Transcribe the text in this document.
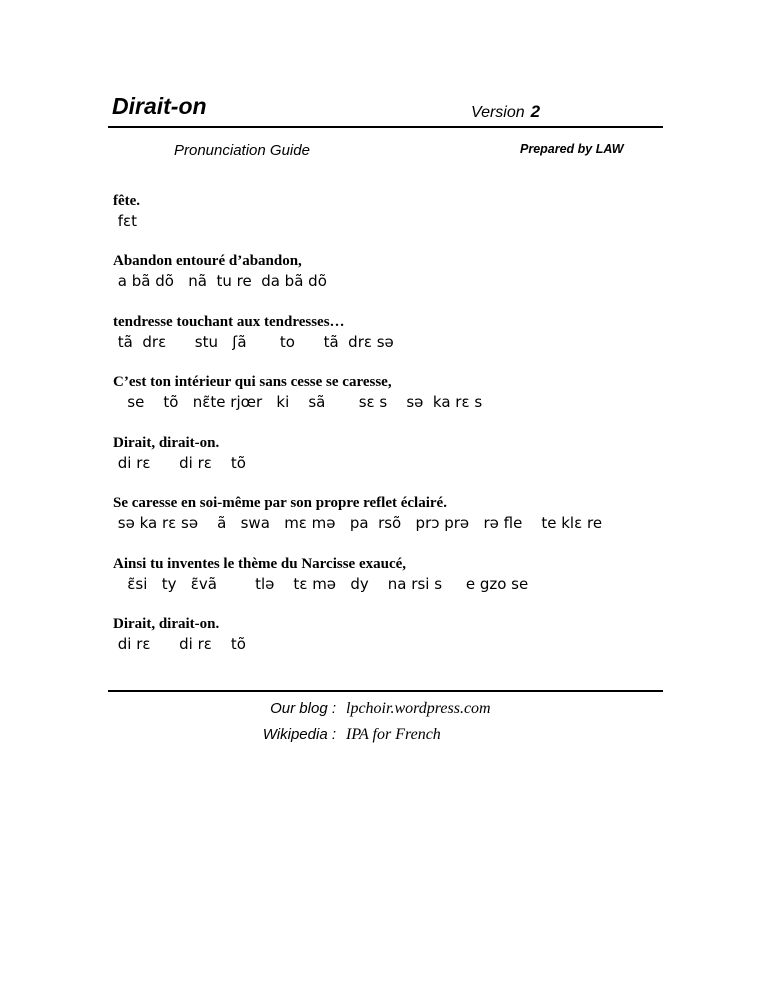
Dirait-on	Version 2
Pronunciation Guide	Prepared by LAW
fête.
fɛt
Abandon entouré d’abandon,
a bã dõ   nã  tu re  da bã dõ
tendresse touchant aux tendresses…
tã  drɛ      stu   ʃã       to      tã  drɛ sə
C’est ton intérieur qui sans cesse se caresse,
se    tõ   nɛ̃te rjœr   ki    sã       sɛ s    sə  ka rɛ s
Dirait, dirait-on.
di rɛ      di rɛ    tõ
Se caresse en soi-même par son propre reflet éclairé.
sə ka rɛ sə    ã   swa   mɛ mə   pa  rsõ   prɔ prə   rə fle    te klɛ re
Ainsi tu inventes le thème du Narcisse exaucé,
ɛ̃si   ty   ɛ̃vã        tlə    tɛ mə   dy    na rsi s     e gzo se
Dirait, dirait-on.
di rɛ      di rɛ    tõ
Our blog : lpchoir.wordpress.com
Wikipedia : IPA for French
